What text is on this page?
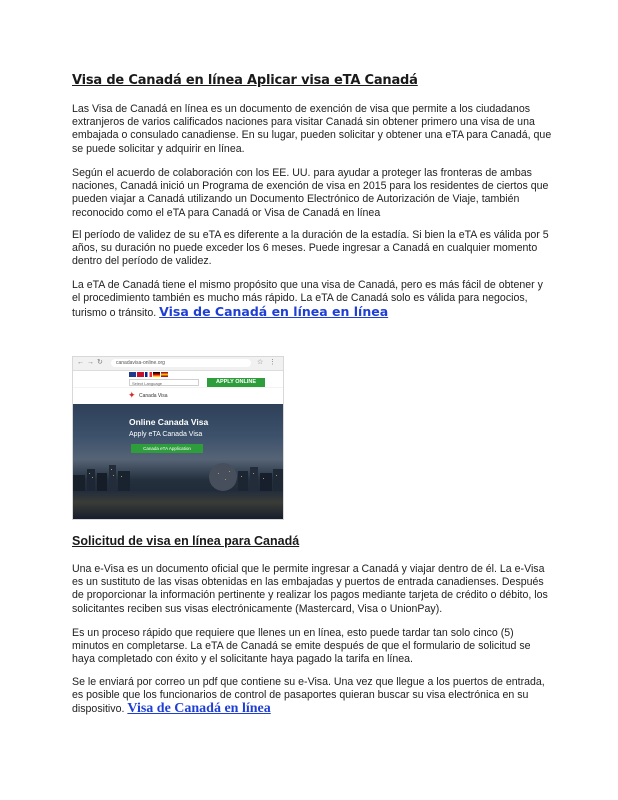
Visa de Canadá en línea Aplicar visa eTA Canadá

Las Visa de Canadá en línea es un documento de exención de visa que permite a los ciudadanos extranjeros de varios calificados naciones para visitar Canadá sin obtener primero una visa de una embajada o consulado canadiense. En su lugar, pueden solicitar y obtener una eTA para Canadá, que se puede solicitar y adquirir en línea.

Según el acuerdo de colaboración con los EE. UU. para ayudar a proteger las fronteras de ambas naciones, Canadá inició un Programa de exención de visa en 2015 para los residentes de ciertos que pueden viajar a Canadá utilizando un Documento Electrónico de Autorización de Viaje, también reconocido como el eTA para Canadá or Visa de Canadá en línea

El período de validez de su eTA es diferente a la duración de la estadía. Si bien la eTA es válida por 5 años, su duración no puede exceder los 6 meses. Puede ingresar a Canadá en cualquier momento dentro del período de validez.

La eTA de Canadá tiene el mismo propósito que una visa de Canadá, pero es más fácil de obtener y el procedimiento también es mucho más rápido. La eTA de Canadá solo es válida para negocios, turismo o tránsito. Visa de Canadá en línea en línea

← → ↻	canadavisa-online.org	☆ ⋮
Select Language	APPLY ONLINE
✦ Canada Visa
Online Canada Visa
Apply eTA Canada Visa
Canada eTA Application
Solicitud de visa en línea para Canadá

Una e-Visa es un documento oficial que le permite ingresar a Canadá y viajar dentro de él. La e-Visa es un sustituto de las visas obtenidas en las embajadas y puertos de entrada canadienses. Después de proporcionar la información pertinente y realizar los pagos mediante tarjeta de crédito o débito, los solicitantes reciben sus visas electrónicamente (Mastercard, Visa o UnionPay).

Es un proceso rápido que requiere que llenes un en línea, esto puede tardar tan solo cinco (5) minutos en completarse. La eTA de Canadá se emite después de que el formulario de solicitud se haya completado con éxito y el solicitante haya pagado la tarifa en línea.

Se le enviará por correo un pdf que contiene su e-Visa. Una vez que llegue a los puertos de entrada, es posible que los funcionarios de control de pasaportes quieran buscar su visa electrónica en su dispositivo. Visa de Canadá en línea
